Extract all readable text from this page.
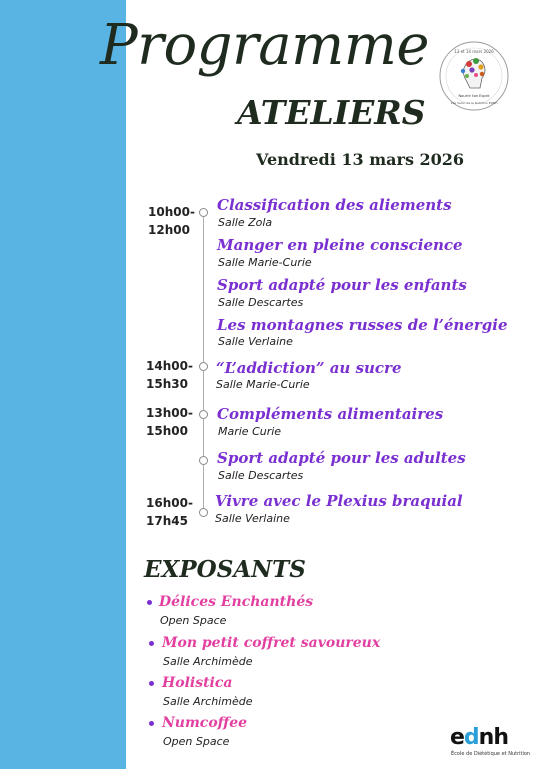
Programme
ATELIERS
13 et 14 mars 2026
Nourrir ton Esprit
12e Salon de la Nutrition EDNH
Vendredi 13 mars 2026
10h00-
12h00
14h00-
15h30
13h00-
15h00
16h00-
17h45
Classification des aliements
Salle Zola
Manger en pleine conscience
Salle Marie-Curie
Sport adapté pour les enfants
Salle Descartes
Les montagnes russes de l’énergie
Salle Verlaine
“L’addiction” au sucre
Salle Marie-Curie
Compléments alimentaires
Marie Curie
Sport adapté pour les adultes
Salle Descartes
Vivre avec le Plexius braquial
Salle Verlaine
EXPOSANTS
Délices Enchanthés
Open Space
Mon petit coffret savoureux
Salle Archimède
Holistica
Salle Archimède
Numcoffee
Open Space	ednh
École de Diététique et Nutrition
